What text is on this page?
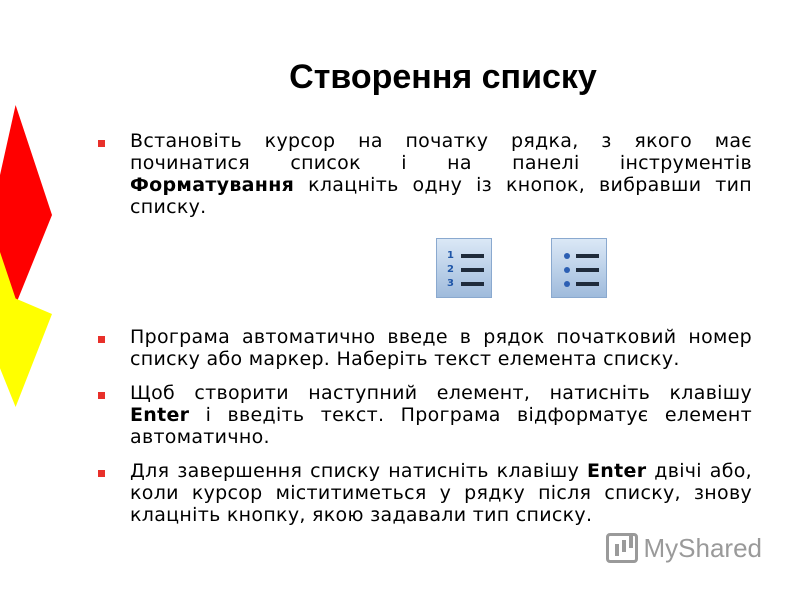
Створення списку
Встановіть курсор на початку рядка, з якого має починатися список і на панелі інструментів Форматування клацніть одну із кнопок, вибравши тип списку.
1
2
3
Програма автоматично введе в рядок початковий номер списку або маркер. Наберіть текст елемента списку.
Щоб створити наступний елемент, натисніть клавішу Enter і введіть текст. Програма відформатує елемент автоматично.
Для завершення списку натисніть клавішу Enter двічі або, коли курсор міститиметься у рядку після списку, знову клацніть кнопку, якою задавали тип списку.
MyShared
